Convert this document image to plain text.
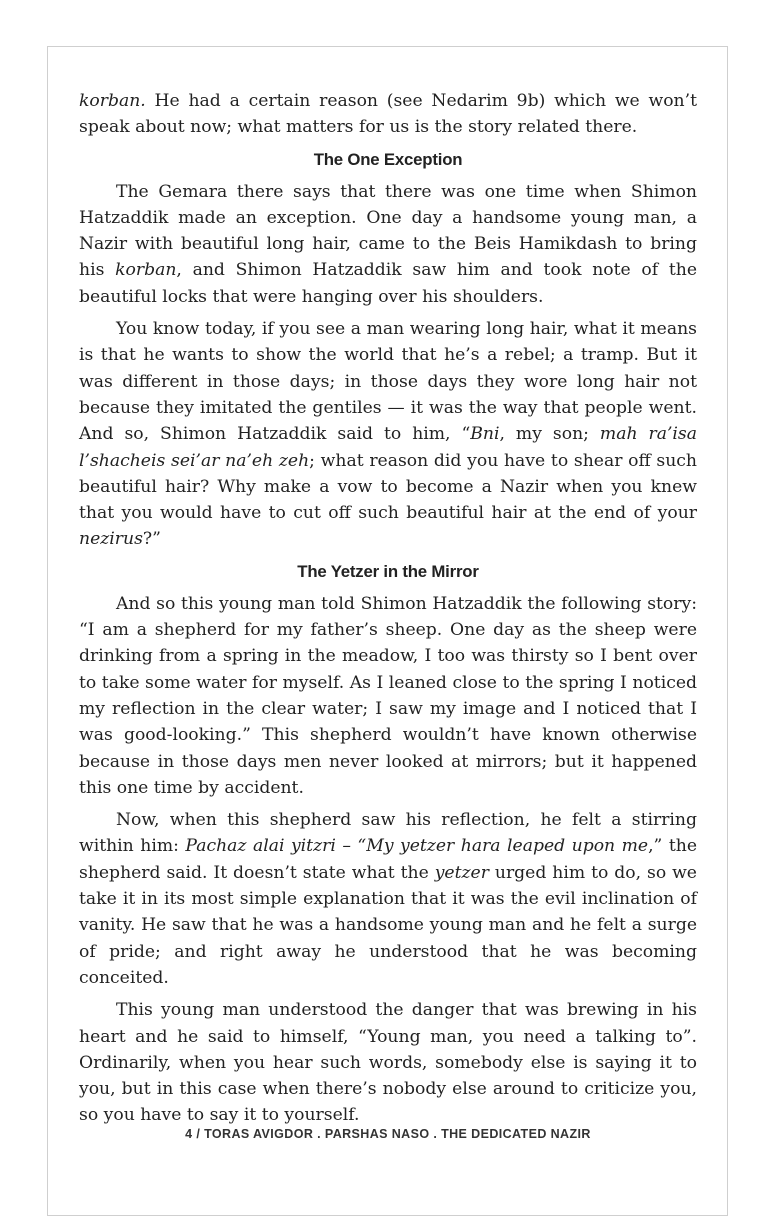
korban. He had a certain reason (see Nedarim 9b) which we won’t speak about now; what matters for us is the story related there.

The One Exception

The Gemara there says that there was one time when Shimon Hatzaddik made an exception. One day a handsome young man, a Nazir with beautiful long hair, came to the Beis Hamikdash to bring his korban, and Shimon Hatzaddik saw him and took note of the beautiful locks that were hanging over his shoulders.

You know today, if you see a man wearing long hair, what it means is that he wants to show the world that he’s a rebel; a tramp. But it was different in those days; in those days they wore long hair not because they imitated the gentiles — it was the way that people went. And so, Shimon Hatzaddik said to him, “Bni, my son; mah ra’isa l’shacheis sei’ar na’eh zeh; what reason did you have to shear off such beautiful hair? Why make a vow to become a Nazir when you knew that you would have to cut off such beautiful hair at the end of your nezirus?”

The Yetzer in the Mirror

And so this young man told Shimon Hatzaddik the following story: “I am a shepherd for my father’s sheep. One day as the sheep were drinking from a spring in the meadow, I too was thirsty so I bent over to take some water for myself. As I leaned close to the spring I noticed my reflection in the clear water; I saw my image and I noticed that I was good-looking.” This shepherd wouldn’t have known otherwise because in those days men never looked at mirrors; but it happened this one time by accident.

Now, when this shepherd saw his reflection, he felt a stirring within him: Pachaz alai yitzri – “My yetzer hara leaped upon me,” the shepherd said. It doesn’t state what the yetzer urged him to do, so we take it in its most simple explanation that it was the evil inclination of vanity. He saw that he was a handsome young man and he felt a surge of pride; and right away he understood that he was becoming conceited.

This young man understood the danger that was brewing in his heart and he said to himself, “Young man, you need a talking to”. Ordinarily, when you hear such words, somebody else is saying it to you, but in this case when there’s nobody else around to criticize you, so you have to say it to yourself.

4 / TORAS AVIGDOR . PARSHAS NASO . THE DEDICATED NAZIR
